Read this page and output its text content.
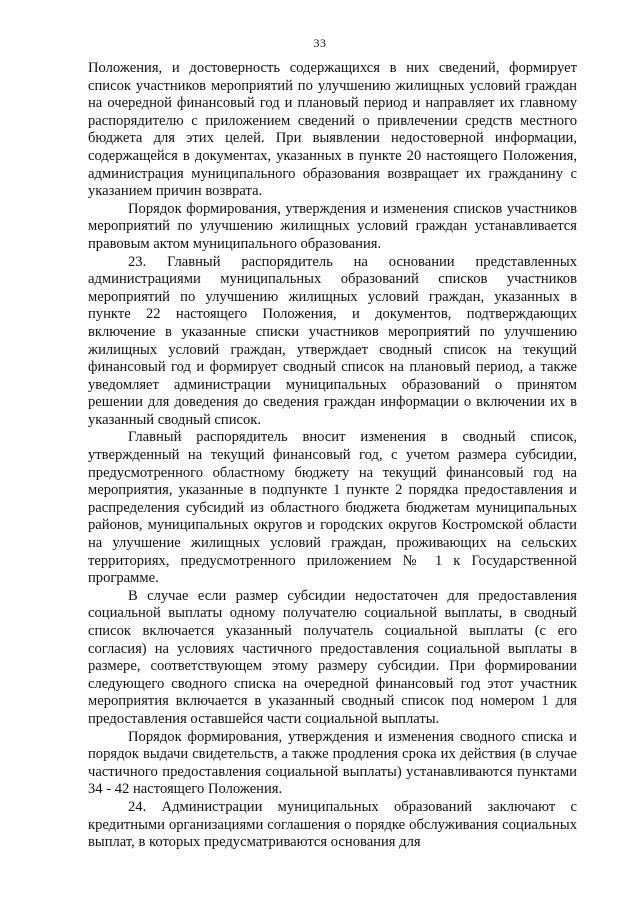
33

Положения, и достоверность содержащихся в них сведений, формирует список участников мероприятий по улучшению жилищных условий граждан на очередной финансовый год и плановый период и направляет их главному распорядителю с приложением сведений о привлечении средств местного бюджета для этих целей. При выявлении недостоверной информации, содержащейся в документах, указанных в пункте 20 настоящего Положения, администрация муниципального образования возвращает их гражданину с указанием причин возврата.

Порядок формирования, утверждения и изменения списков участников мероприятий по улучшению жилищных условий граждан устанавливается правовым актом муниципального образования.

23. Главный распорядитель на основании представленных администрациями муниципальных образований списков участников мероприятий по улучшению жилищных условий граждан, указанных в пункте 22 настоящего Положения, и документов, подтверждающих включение в указанные списки участников мероприятий по улучшению жилищных условий граждан, утверждает сводный список на текущий финансовый год и формирует сводный список на плановый период, а также уведомляет администрации муниципальных образований о принятом решении для доведения до сведения граждан информации о включении их в указанный сводный список.

Главный распорядитель вносит изменения в сводный список, утвержденный на текущий финансовый год, с учетом размера субсидии, предусмотренного областному бюджету на текущий финансовый год на мероприятия, указанные в подпункте 1 пункте 2 порядка предоставления и распределения субсидий из областного бюджета бюджетам муниципальных районов, муниципальных округов и городских округов Костромской области на улучшение жилищных условий граждан, проживающих на сельских территориях, предусмотренного приложением № 1 к Государственной программе.

В случае если размер субсидии недостаточен для предоставления социальной выплаты одному получателю социальной выплаты, в сводный список включается указанный получатель социальной выплаты (с его согласия) на условиях частичного предоставления социальной выплаты в размере, соответствующем этому размеру субсидии. При формировании следующего сводного списка на очередной финансовый год этот участник мероприятия включается в указанный сводный список под номером 1 для предоставления оставшейся части социальной выплаты.

Порядок формирования, утверждения и изменения сводного списка и порядок выдачи свидетельств, а также продления срока их действия (в случае частичного предоставления социальной выплаты) устанавливаются пунктами 34 - 42 настоящего Положения.

24. Администрации муниципальных образований заключают с кредитными организациями соглашения о порядке обслуживания социальных выплат, в которых предусматриваются основания для
